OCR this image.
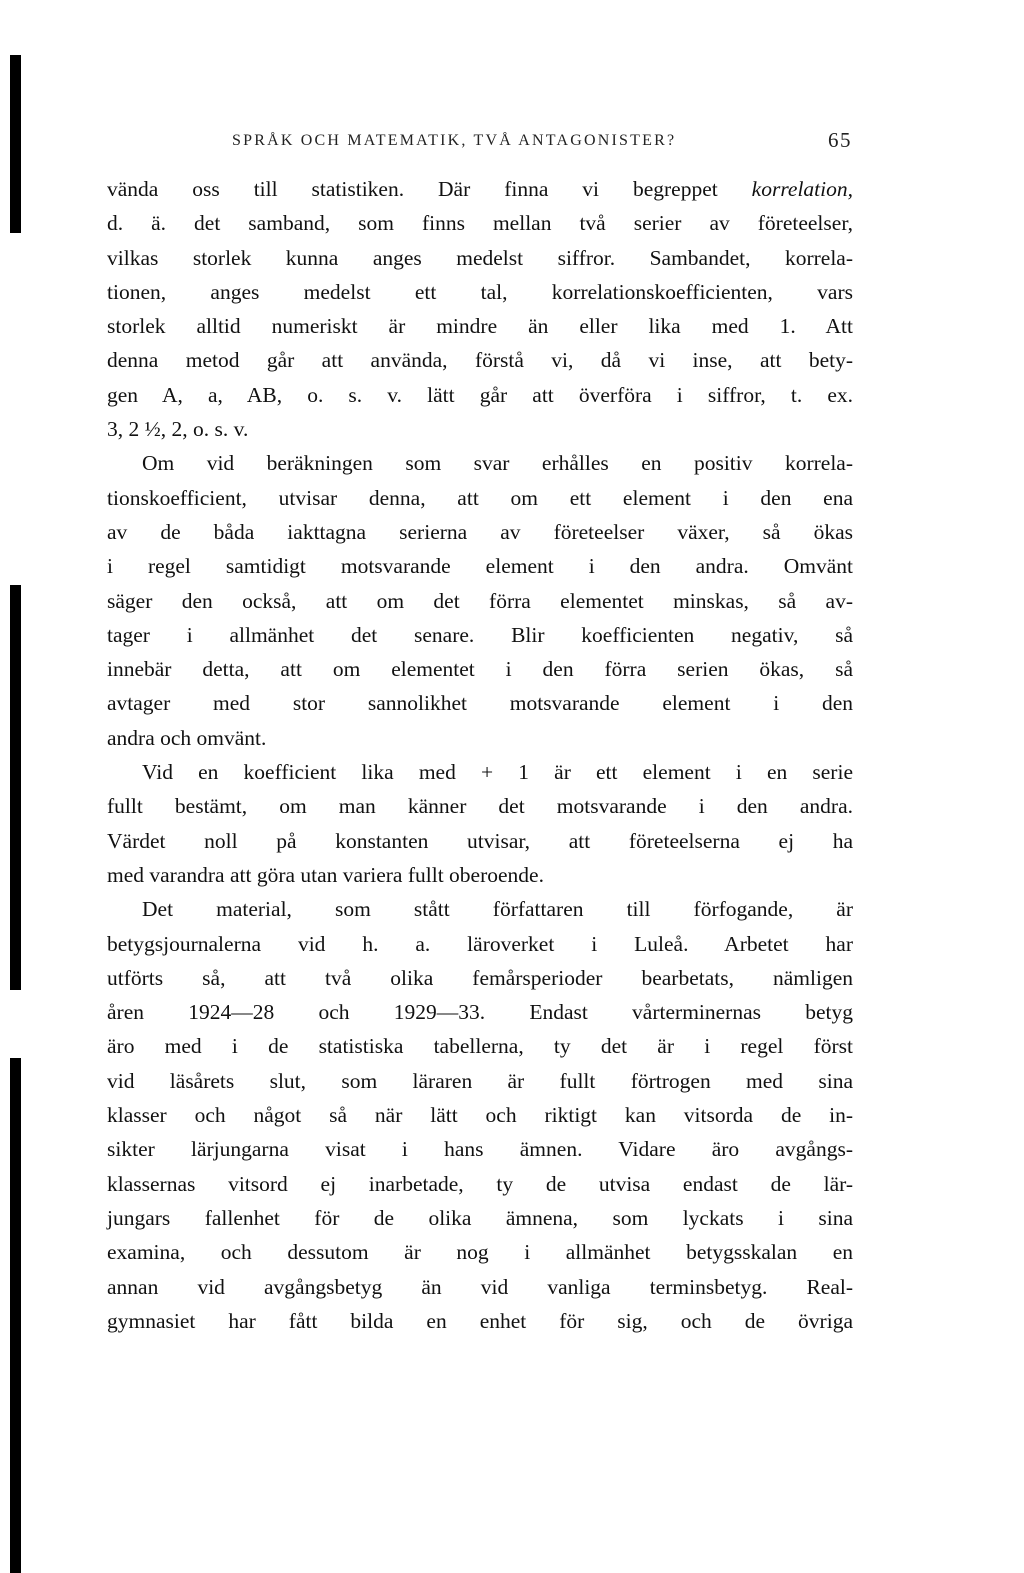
SPRÅK OCH MATEMATIK, TVÅ ANTAGONISTER?	65
vända oss till statistiken. Där finna vi begreppet korrelation,
d. ä. det samband, som finns mellan två serier av företeelser,
vilkas storlek kunna anges medelst siffror. Sambandet, korrela-
tionen, anges medelst ett tal, korrelationskoefficienten, vars
storlek alltid numeriskt är mindre än eller lika med 1. Att
denna metod går att använda, förstå vi, då vi inse, att bety-
gen A, a, AB, o. s. v. lätt går att överföra i siffror, t. ex.
3, 2 ½, 2, o. s. v.
Om vid beräkningen som svar erhålles en positiv korrela-
tionskoefficient, utvisar denna, att om ett element i den ena
av de båda iakttagna serierna av företeelser växer, så ökas
i regel samtidigt motsvarande element i den andra. Omvänt
säger den också, att om det förra elementet minskas, så av-
tager i allmänhet det senare. Blir koefficienten negativ, så
innebär detta, att om elementet i den förra serien ökas, så
avtager med stor sannolikhet motsvarande element i den
andra och omvänt.
Vid en koefficient lika med + 1 är ett element i en serie
fullt bestämt, om man känner det motsvarande i den andra.
Värdet noll på konstanten utvisar, att företeelserna ej ha
med varandra att göra utan variera fullt oberoende.
Det material, som stått författaren till förfogande, är
betygsjournalerna vid h. a. läroverket i Luleå. Arbetet har
utförts så, att två olika femårsperioder bearbetats, nämligen
åren 1924—28 och 1929—33. Endast vårterminernas betyg
äro med i de statistiska tabellerna, ty det är i regel först
vid läsårets slut, som läraren är fullt förtrogen med sina
klasser och något så när lätt och riktigt kan vitsorda de in-
sikter lärjungarna visat i hans ämnen. Vidare äro avgångs-
klassernas vitsord ej inarbetade, ty de utvisa endast de lär-
jungars fallenhet för de olika ämnena, som lyckats i sina
examina, och dessutom är nog i allmänhet betygsskalan en
annan vid avgångsbetyg än vid vanliga terminsbetyg. Real-
gymnasiet har fått bilda en enhet för sig, och de övriga
